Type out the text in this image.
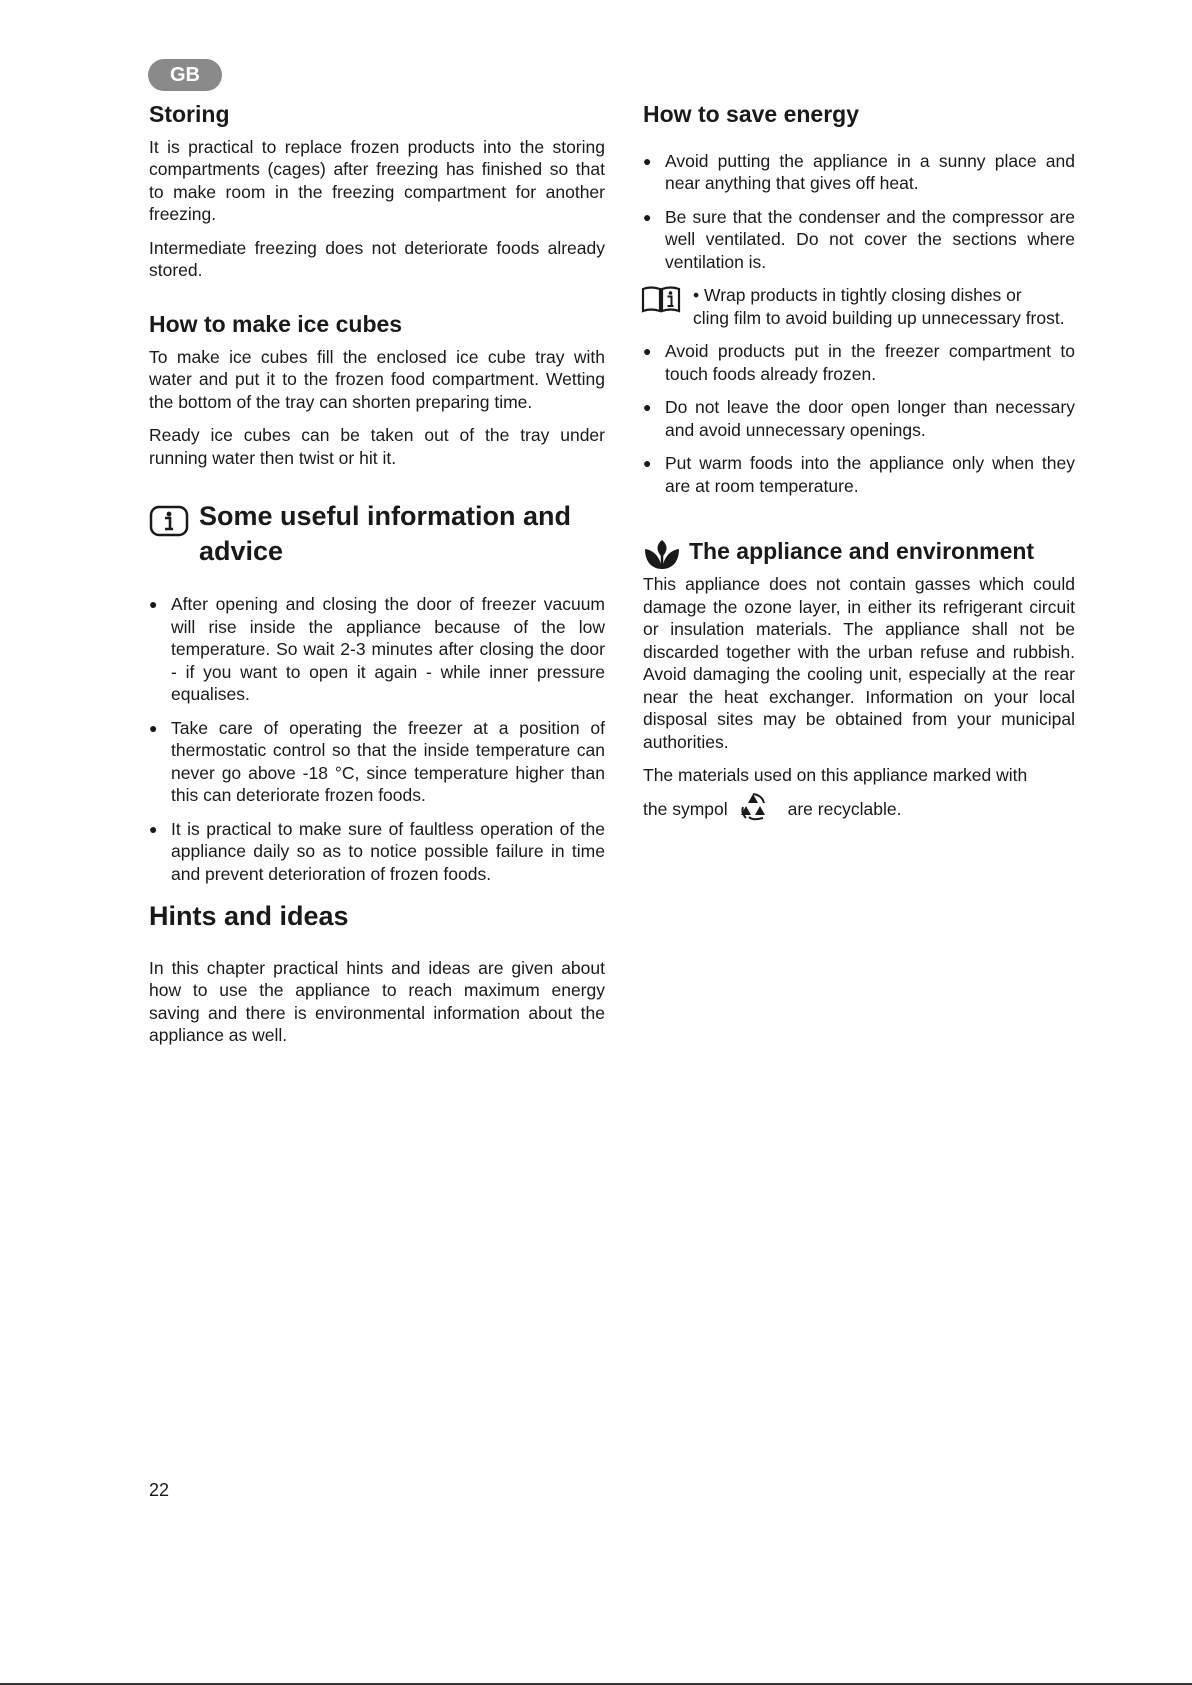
GB
Storing

It is practical to replace frozen products into the storing compartments (cages) after freezing has finished so that to make room in the freezing compartment for another freezing.

Intermediate freezing does not deteriorate foods already stored.

How to make ice cubes

To make ice cubes fill the enclosed ice cube tray with water and put it to the frozen food compartment. Wetting the bottom of the tray can shorten preparing time.

Ready ice cubes can be taken out of the tray under running water then twist or hit it.

Some useful information and
advice
● After opening and closing the door of freezer vacuum will rise inside the appliance because of the low temperature. So wait 2-3 minutes after closing the door - if you want to open it again - while inner pressure equalises.
● Take care of operating the freezer at a position of thermostatic control so that the inside temperature can never go above -18 °C, since temperature higher than this can deteriorate frozen foods.
● It is practical to make sure of faultless operation of the appliance daily so as to notice possible failure in time and prevent deterioration of frozen foods.
Hints and ideas

In this chapter practical hints and ideas are given about how to use the appliance to reach maximum energy saving and there is environmental information about the appliance as well.

How to save energy
● Avoid putting the appliance in a sunny place and near anything that gives off heat.
● Be sure that the condenser and the compressor are well ventilated. Do not cover the sections where ventilation is.
• Wrap products in tightly closing dishes or
cling film to avoid building up unnecessary frost.
● Avoid products put in the freezer compartment to touch foods already frozen.
● Do not leave the door open longer than necessary and avoid unnecessary openings.
● Put warm foods into the appliance only when they are at room temperature.
The appliance and environment

This appliance does not contain gasses which could damage the ozone layer, in either its refrigerant circuit or insulation materials. The appliance shall not be discarded together with the urban refuse and rubbish. Avoid damaging the cooling unit, especially at the rear near the heat exchanger. Information on your local disposal sites may be obtained from your municipal authorities.

The materials used on this appliance marked with

the sympol	are recyclable.

22
